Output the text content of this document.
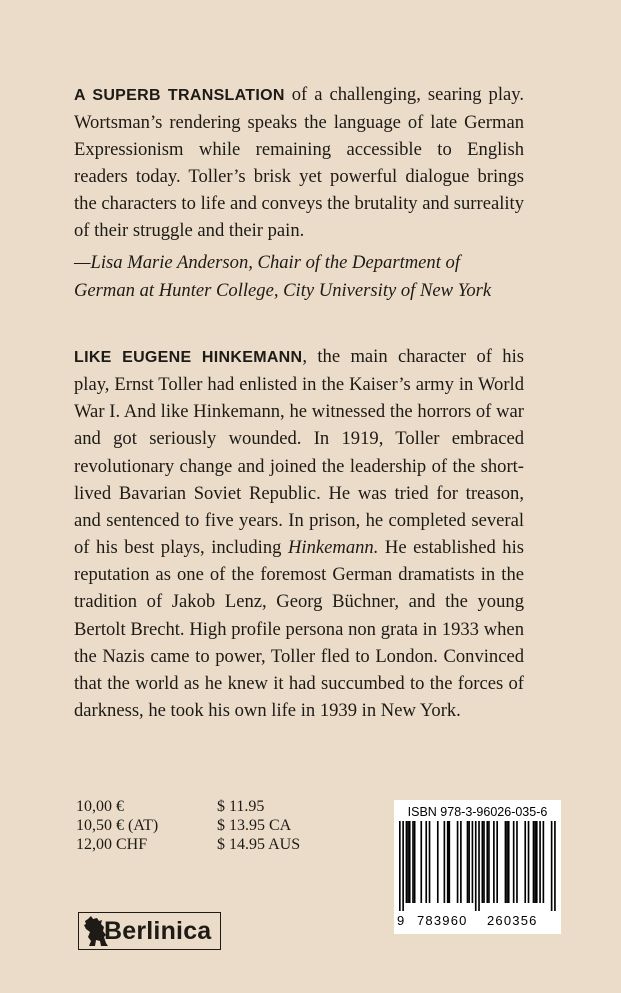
A SUPERB TRANSLATION of a challenging, searing play. Wortsman’s rendering speaks the language of late German Expressionism while remaining accessible to English readers today. Toller’s brisk yet powerful dialogue brings the characters to life and conveys the brutality and surreality of their struggle and their pain.

—Lisa Marie Anderson, Chair of the Department of
German at Hunter College, City University of New York

LIKE EUGENE HINKEMANN, the main character of his play, Ernst Toller had enlisted in the Kaiser’s army in World War I. And like Hinkemann, he witnessed the horrors of war and got seriously wounded. In 1919, Toller embraced revolutionary change and joined the leadership of the short-lived Bavarian Soviet Republic. He was tried for treason, and sentenced to five years. In prison, he completed several of his best plays, including Hinkemann. He established his reputation as one of the foremost German dramatists in the tradition of Jakob Lenz, Georg Büchner, and the young Bertolt Brecht. High profile persona non grata in 1933 when the Nazis came to power, Toller fled to London. Convinced that the world as he knew it had succumbed to the forces of darkness, he took his own life in 1939 in New York.

10,00 €	$ 11.95
10,50 € (AT)	$ 13.95 CA
12,00 CHF	$ 14.95 AUS
Berlinica
ISBN 978-3-96026-035-6
9 783960 260356
